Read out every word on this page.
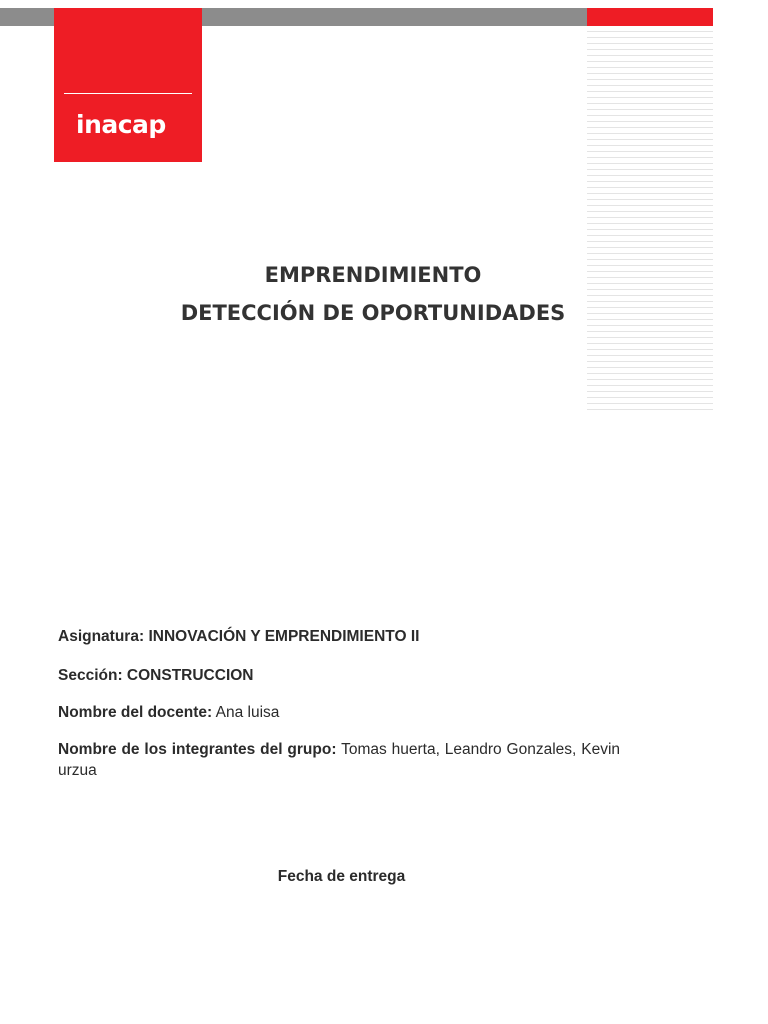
inacap
EMPRENDIMIENTO
DETECCIÓN DE OPORTUNIDADES
Asignatura: INNOVACIÓN Y EMPRENDIMIENTO II
Sección: CONSTRUCCION
Nombre del docente: Ana luisa
Nombre de los integrantes del grupo: Tomas huerta, Leandro Gonzales, Kevin urzua
Fecha de entrega
